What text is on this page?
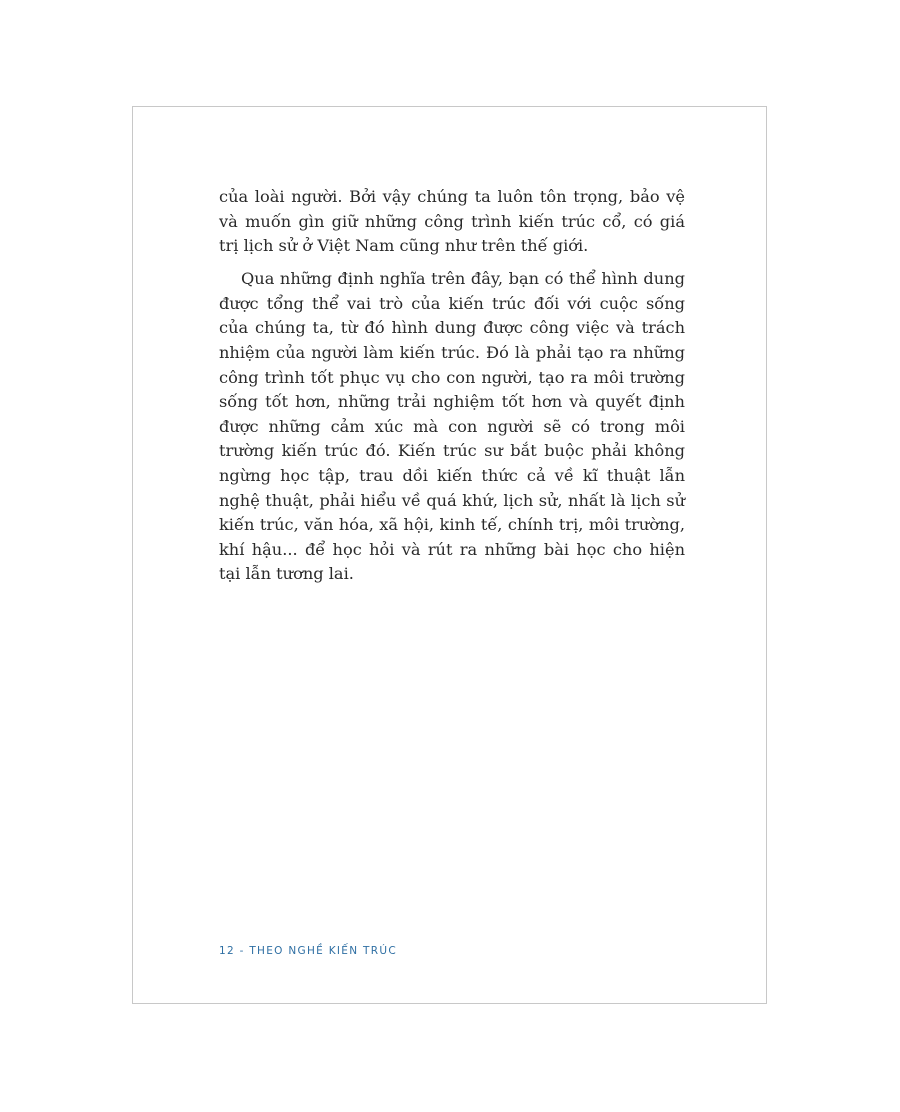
của loài người. Bởi vậy chúng ta luôn tôn trọng, bảo vệ và muốn gìn giữ những công trình kiến trúc cổ, có giá trị lịch sử ở Việt Nam cũng như trên thế giới.

Qua những định nghĩa trên đây, bạn có thể hình dung được tổng thể vai trò của kiến trúc đối với cuộc sống của chúng ta, từ đó hình dung được công việc và trách nhiệm của người làm kiến trúc. Đó là phải tạo ra những công trình tốt phục vụ cho con người, tạo ra môi trường sống tốt hơn, những trải nghiệm tốt hơn và quyết định được những cảm xúc mà con người sẽ có trong môi trường kiến trúc đó. Kiến trúc sư bắt buộc phải không ngừng học tập, trau dồi kiến thức cả về kĩ thuật lẫn nghệ thuật, phải hiểu về quá khứ, lịch sử, nhất là lịch sử kiến trúc, văn hóa, xã hội, kinh tế, chính trị, môi trường, khí hậu... để học hỏi và rút ra những bài học cho hiện tại lẫn tương lai.

12 - THEO NGHỀ KIẾN TRÚC
